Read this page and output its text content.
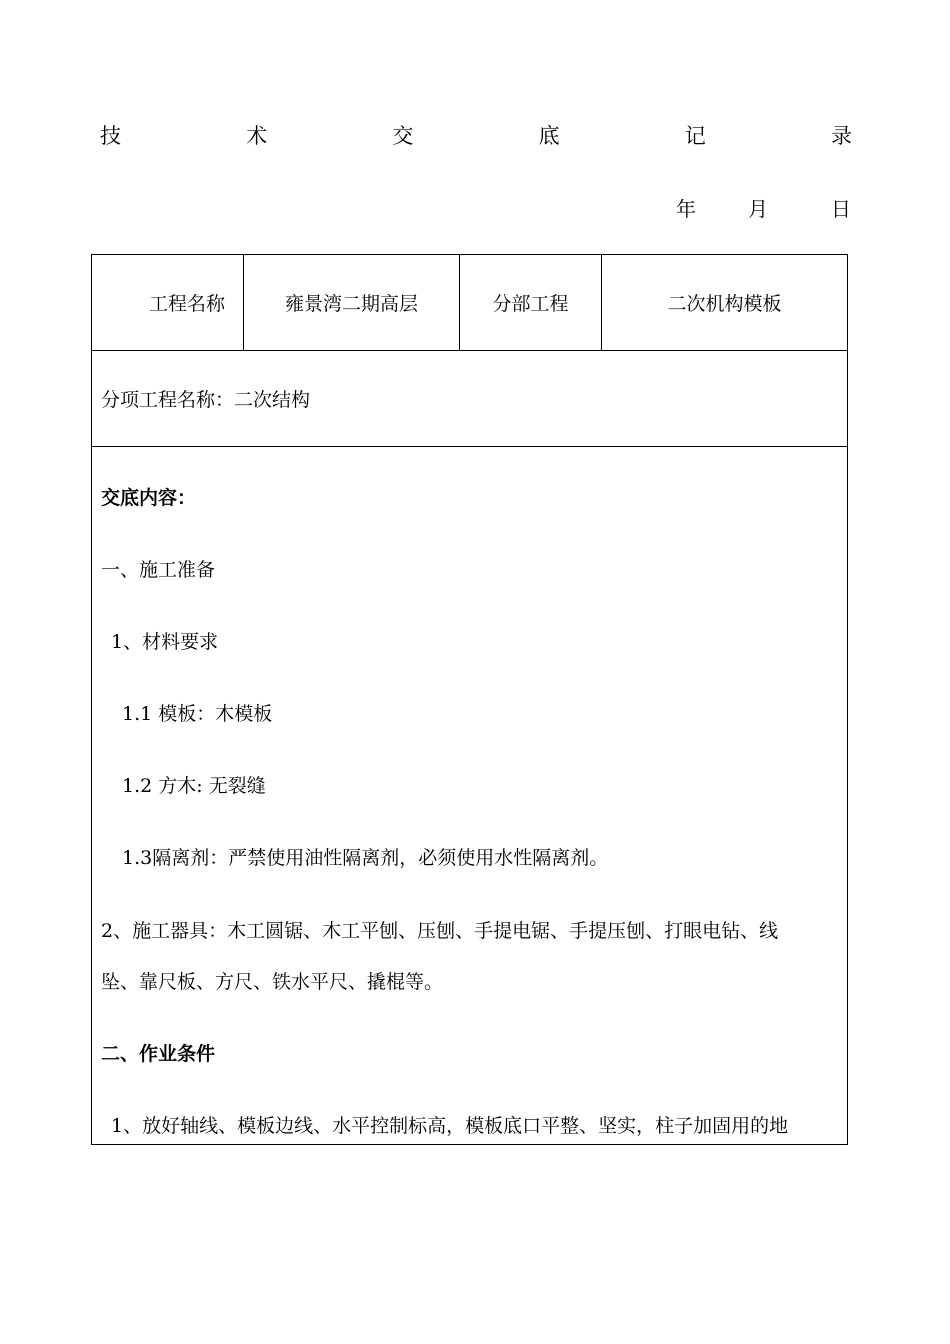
技	术	交	底	记	录
年	月	日
工程名称	雍景湾二期高层	分部工程	二次机构模板
分项工程名称：二次结构

交底内容：
一、施工准备
1、材料要求
1.1 模板：木模板
1.2 方木: 无裂缝
1.3隔离剂：严禁使用油性隔离剂，必须使用水性隔离剂。
2、施工器具：木工圆锯、木工平刨、压刨、手提电锯、手提压刨、打眼电钻、线
坠、靠尺板、方尺、铁水平尺、撬棍等。
二、作业条件
1、放好轴线、模板边线、水平控制标高，模板底口平整、坚实，柱子加固用的地
